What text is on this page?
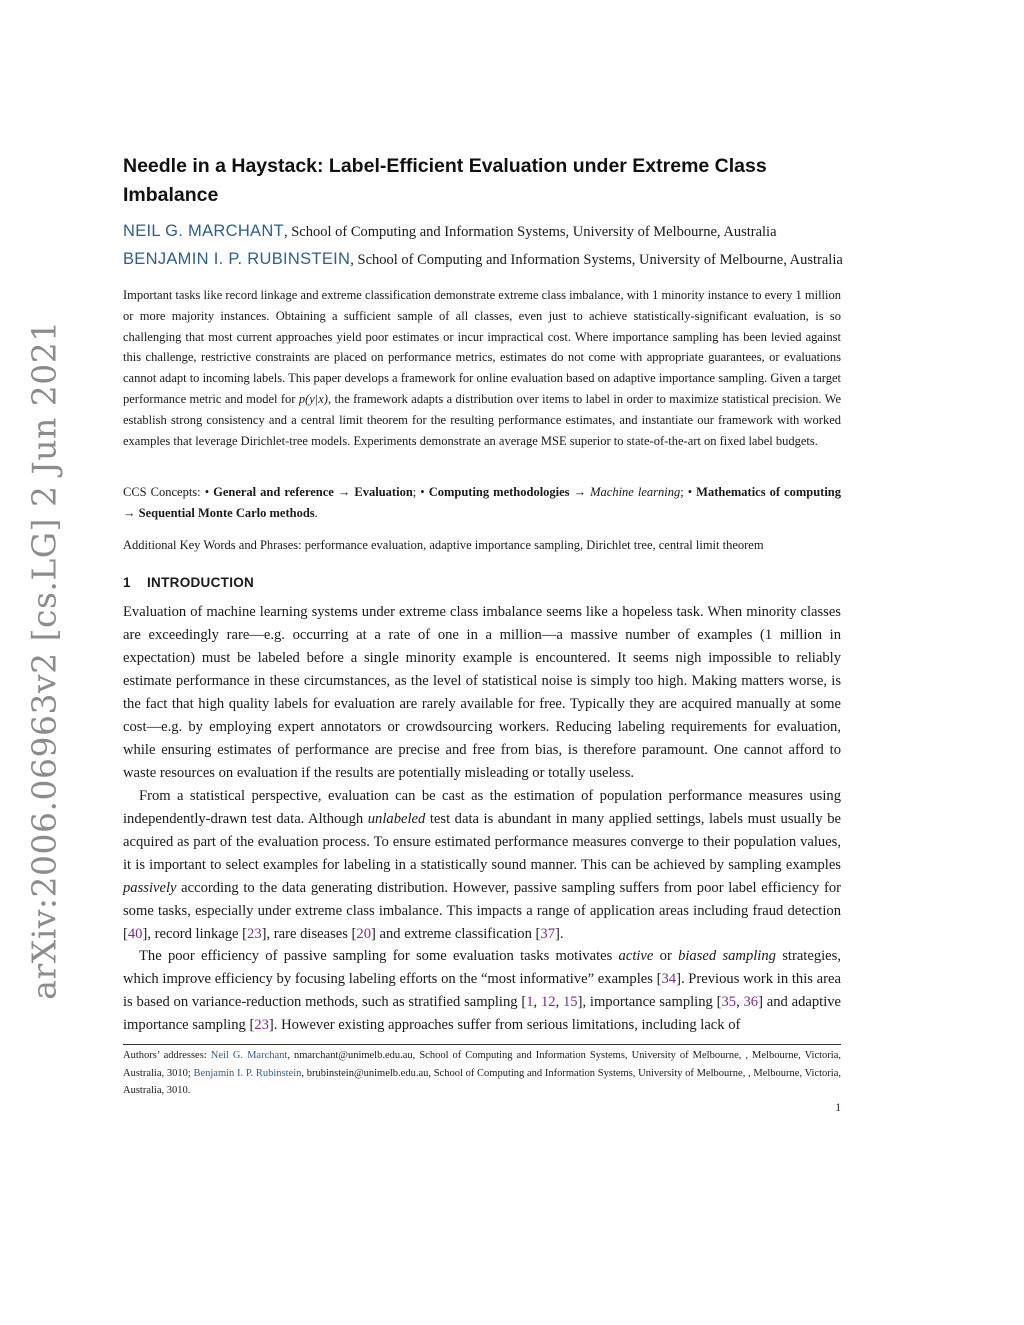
arXiv:2006.06963v2 [cs.LG] 2 Jun 2021
Needle in a Haystack: Label-Efficient Evaluation under Extreme Class Imbalance
NEIL G. MARCHANT, School of Computing and Information Systems, University of Melbourne, Australia
BENJAMIN I. P. RUBINSTEIN, School of Computing and Information Systems, University of Melbourne, Australia
Important tasks like record linkage and extreme classification demonstrate extreme class imbalance, with 1 minority instance to every 1 million or more majority instances. Obtaining a sufficient sample of all classes, even just to achieve statistically-significant evaluation, is so challenging that most current approaches yield poor estimates or incur impractical cost. Where importance sampling has been levied against this challenge, restrictive constraints are placed on performance metrics, estimates do not come with appropriate guarantees, or evaluations cannot adapt to incoming labels. This paper develops a framework for online evaluation based on adaptive importance sampling. Given a target performance metric and model for p(y|x), the framework adapts a distribution over items to label in order to maximize statistical precision. We establish strong consistency and a central limit theorem for the resulting performance estimates, and instantiate our framework with worked examples that leverage Dirichlet-tree models. Experiments demonstrate an average MSE superior to state-of-the-art on fixed label budgets.
CCS Concepts: • General and reference → Evaluation; • Computing methodologies → Machine learning; • Mathematics of computing → Sequential Monte Carlo methods.
Additional Key Words and Phrases: performance evaluation, adaptive importance sampling, Dirichlet tree, central limit theorem
1 INTRODUCTION

Evaluation of machine learning systems under extreme class imbalance seems like a hopeless task. When minority classes are exceedingly rare—e.g. occurring at a rate of one in a million—a massive number of examples (1 million in expectation) must be labeled before a single minority example is encountered. It seems nigh impossible to reliably estimate performance in these circumstances, as the level of statistical noise is simply too high. Making matters worse, is the fact that high quality labels for evaluation are rarely available for free. Typically they are acquired manually at some cost—e.g. by employing expert annotators or crowdsourcing workers. Reducing labeling requirements for evaluation, while ensuring estimates of performance are precise and free from bias, is therefore paramount. One cannot afford to waste resources on evaluation if the results are potentially misleading or totally useless.

From a statistical perspective, evaluation can be cast as the estimation of population performance measures using independently-drawn test data. Although unlabeled test data is abundant in many applied settings, labels must usually be acquired as part of the evaluation process. To ensure estimated performance measures converge to their population values, it is important to select examples for labeling in a statistically sound manner. This can be achieved by sampling examples passively according to the data generating distribution. However, passive sampling suffers from poor label efficiency for some tasks, especially under extreme class imbalance. This impacts a range of application areas including fraud detection [40], record linkage [23], rare diseases [20] and extreme classification [37].

The poor efficiency of passive sampling for some evaluation tasks motivates active or biased sampling strategies, which improve efficiency by focusing labeling efforts on the “most informative” examples [34]. Previous work in this area is based on variance-reduction methods, such as stratified sampling [1, 12, 15], importance sampling [35, 36] and adaptive importance sampling [23]. However existing approaches suffer from serious limitations, including lack of

Authors’ addresses: Neil G. Marchant, nmarchant@unimelb.edu.au, School of Computing and Information Systems, University of Melbourne, , Melbourne, Victoria, Australia, 3010; Benjamin I. P. Rubinstein, brubinstein@unimelb.edu.au, School of Computing and Information Systems, University of Melbourne, , Melbourne, Victoria, Australia, 3010.
1
